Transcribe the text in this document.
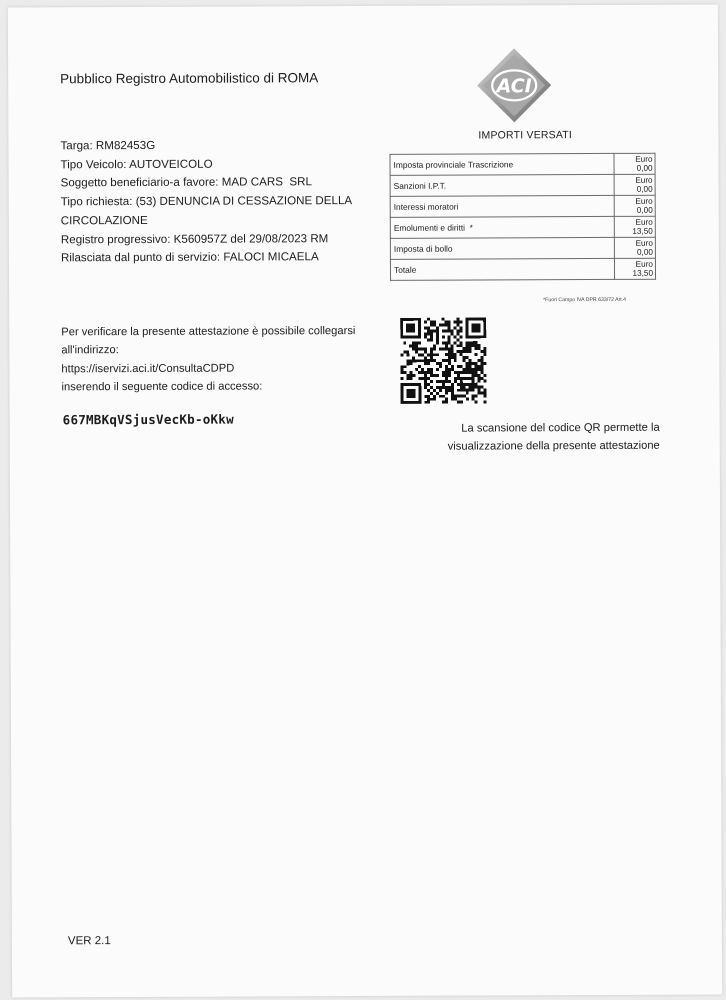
Pubblico Registro Automobilistico di ROMA	ACI
IMPORTI VERSATI
Targa: RM82453G
Tipo Veicolo: AUTOVEICOLO
Soggetto beneficiario-a favore: MAD CARS  SRL
Tipo richiesta: (53) DENUNCIA DI CESSAZIONE DELLA CIRCOLAZIONE
Registro progressivo: K560957Z del 29/08/2023 RM
Rilasciata dal punto di servizio: FALOCI MICAELA
Imposta provinciale Trascrizione	Euro
0,00

Sanzioni I.P.T.	Euro
0,00

Interessi moratori	Euro
0,00

Emolumenti e diritti  *	Euro
13,50

Imposta di bollo	Euro
0,00

Totale	Euro
13,50
*Fuori Campo IVA DPR 633/72 Art.4
Per verificare la presente attestazione è possibile collegarsi all'indirizzo:
https://iservizi.aci.it/ConsultaCDPD
inserendo il seguente codice di accesso:
667MBKqVSjusVecKb-oKkw
La scansione del codice QR permette la visualizzazione della presente attestazione
VER 2.1
